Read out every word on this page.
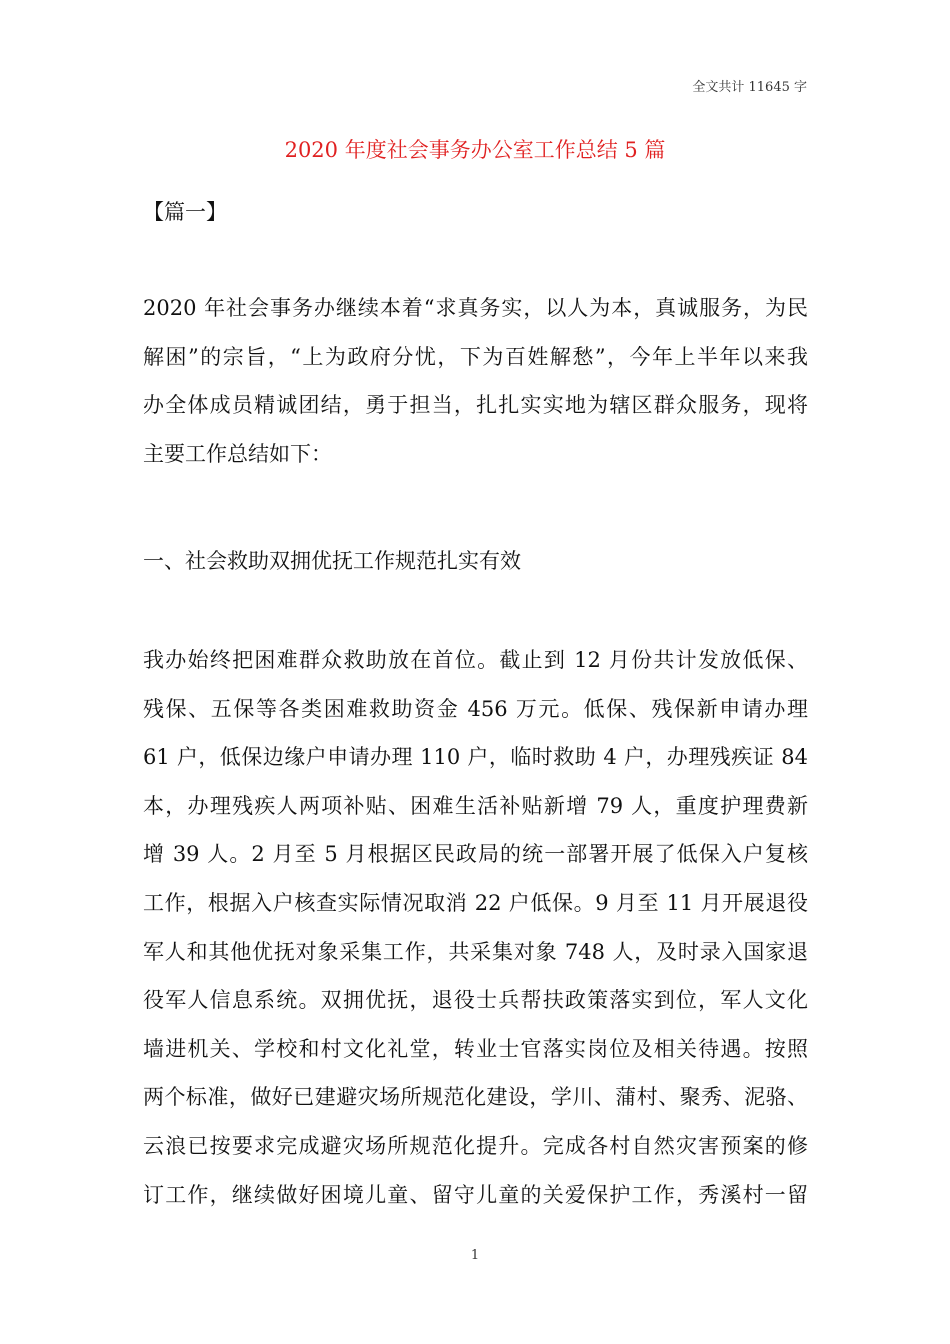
全文共计 11645 字
2020 年度社会事务办公室工作总结 5 篇
【篇一】
2020 年社会事务办继续本着“求真务实，以人为本，真诚服务，为民
解困”的宗旨，“上为政府分忧，下为百姓解愁”，今年上半年以来我
办全体成员精诚团结，勇于担当，扎扎实实地为辖区群众服务，现将
主要工作总结如下：
一、社会救助双拥优抚工作规范扎实有效
我办始终把困难群众救助放在首位。截止到 12 月份共计发放低保、
残保、五保等各类困难救助资金 456 万元。低保、残保新申请办理
61 户，低保边缘户申请办理 110 户，临时救助 4 户，办理残疾证 84
本，办理残疾人两项补贴、困难生活补贴新增 79 人，重度护理费新
增 39 人。2 月至 5 月根据区民政局的统一部署开展了低保入户复核
工作，根据入户核查实际情况取消 22 户低保。9 月至 11 月开展退役
军人和其他优抚对象采集工作，共采集对象 748 人，及时录入国家退
役军人信息系统。双拥优抚，退役士兵帮扶政策落实到位，军人文化
墙进机关、学校和村文化礼堂，转业士官落实岗位及相关待遇。按照
两个标准，做好已建避灾场所规范化建设，学川、蒲村、聚秀、泥骆、
云浪已按要求完成避灾场所规范化提升。完成各村自然灾害预案的修
订工作，继续做好困境儿童、留守儿童的关爱保护工作，秀溪村一留
1
